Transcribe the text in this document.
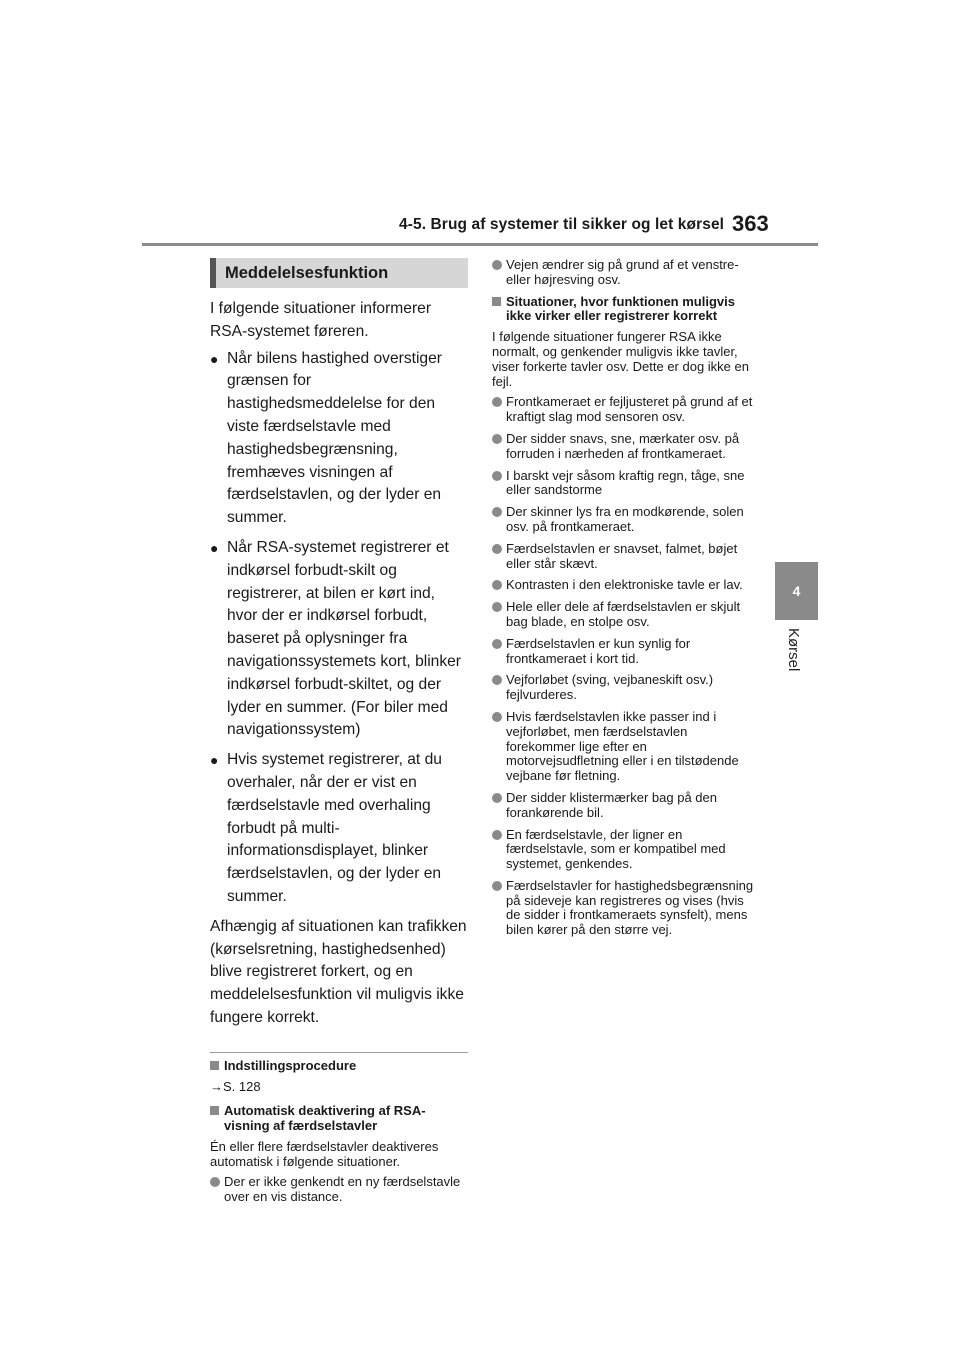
4-5. Brug af systemer til sikker og let kørsel 363
4
Kørsel
Meddelelsesfunktion

I følgende situationer informerer RSA-systemet føreren.

● Når bilens hastighed overstiger grænsen for hastighedsmeddelelse for den viste færdselstavle med hastighedsbegrænsning, fremhæves visningen af færdselstavlen, og der lyder en summer.
● Når RSA-systemet registrerer et indkørsel forbudt-skilt og registrerer, at bilen er kørt ind, hvor der er indkørsel forbudt, baseret på oplysninger fra navigationssystemets kort, blinker indkørsel forbudt-skiltet, og der lyder en summer. (For biler med navigationssystem)
● Hvis systemet registrerer, at du overhaler, når der er vist en færdselstavle med overhaling forbudt på multi-informationsdisplayet, blinker færdselstavlen, og der lyder en summer.

Afhængig af situationen kan trafikken (kørselsretning, hastighedsenhed) blive registreret forkert, og en meddelelsesfunktion vil muligvis ikke fungere korrekt.

Indstillingsprocedure
→S. 128
Automatisk deaktivering af RSA-visning af færdselstavler

Én eller flere færdselstavler deaktiveres automatisk i følgende situationer.

Der er ikke genkendt en ny færdselstavle over en vis distance.
Vejen ændrer sig på grund af et venstre- eller højresving osv.
Situationer, hvor funktionen muligvis ikke virker eller registrerer korrekt

I følgende situationer fungerer RSA ikke normalt, og genkender muligvis ikke tavler, viser forkerte tavler osv. Dette er dog ikke en fejl.

Frontkameraet er fejljusteret på grund af et kraftigt slag mod sensoren osv.
Der sidder snavs, sne, mærkater osv. på forruden i nærheden af frontkameraet.
I barskt vejr såsom kraftig regn, tåge, sne eller sandstorme
Der skinner lys fra en modkørende, solen osv. på frontkameraet.
Færdselstavlen er snavset, falmet, bøjet eller står skævt.
Kontrasten i den elektroniske tavle er lav.
Hele eller dele af færdselstavlen er skjult bag blade, en stolpe osv.
Færdselstavlen er kun synlig for frontkameraet i kort tid.
Vejforløbet (sving, vejbaneskift osv.) fejlvurderes.
Hvis færdselstavlen ikke passer ind i vejforløbet, men færdselstavlen forekommer lige efter en motorvejsudfletning eller i en tilstødende vejbane før fletning.
Der sidder klistermærker bag på den forankørende bil.
En færdselstavle, der ligner en færdselstavle, som er kompatibel med systemet, genkendes.
Færdselstavler for hastighedsbegrænsning på sideveje kan registreres og vises (hvis de sidder i frontkameraets synsfelt), mens bilen kører på den større vej.
